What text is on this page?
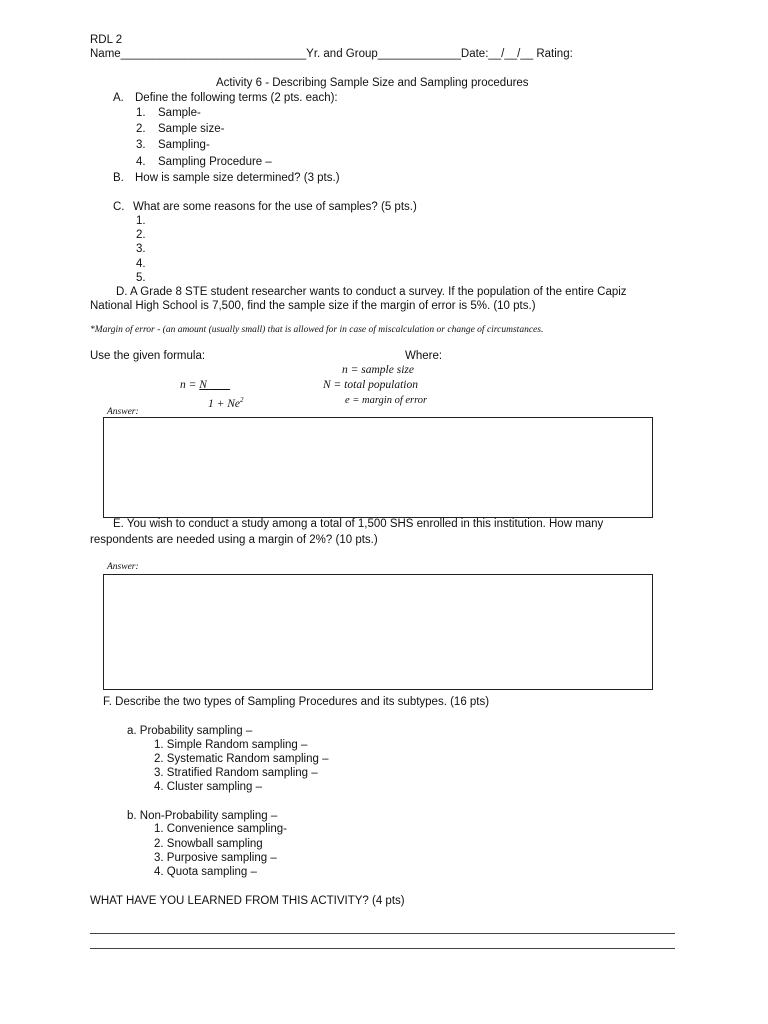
RDL 2
Name_____________________________Yr. and Group_____________Date:__/__/__ Rating:
Activity 6 - Describing Sample Size and Sampling procedures
A. Define the following terms (2 pts. each):
1. Sample-
2. Sample size-
3. Sampling-
4. Sampling Procedure –
B. How is sample size determined? (3 pts.)
C. What are some reasons for the use of samples? (5 pts.)
1.
2.
3.
4.
5.
D. A Grade 8 STE student researcher wants to conduct a survey. If the population of the entire Capiz
National High School is 7,500, find the sample size if the margin of error is 5%. (10 pts.)
*Margin of error - (an amount (usually small) that is allowed for in case of miscalculation or change of circumstances.
Use the given formula:	Where:
n = sample size
n = N	N = total population
$1 + Ne^2$	e = margin of error
Answer:
E. You wish to conduct a study among a total of 1,500 SHS enrolled in this institution. How many
respondents are needed using a margin of 2%? (10 pts.)
Answer:
F. Describe the two types of Sampling Procedures and its subtypes. (16 pts)
a. Probability sampling –
1. Simple Random sampling –
2. Systematic Random sampling –
3. Stratified Random sampling –
4. Cluster sampling –
b. Non-Probability sampling –
1. Convenience sampling-
2. Snowball sampling
3. Purposive sampling –
4. Quota sampling –
WHAT HAVE YOU LEARNED FROM THIS ACTIVITY? (4 pts)
